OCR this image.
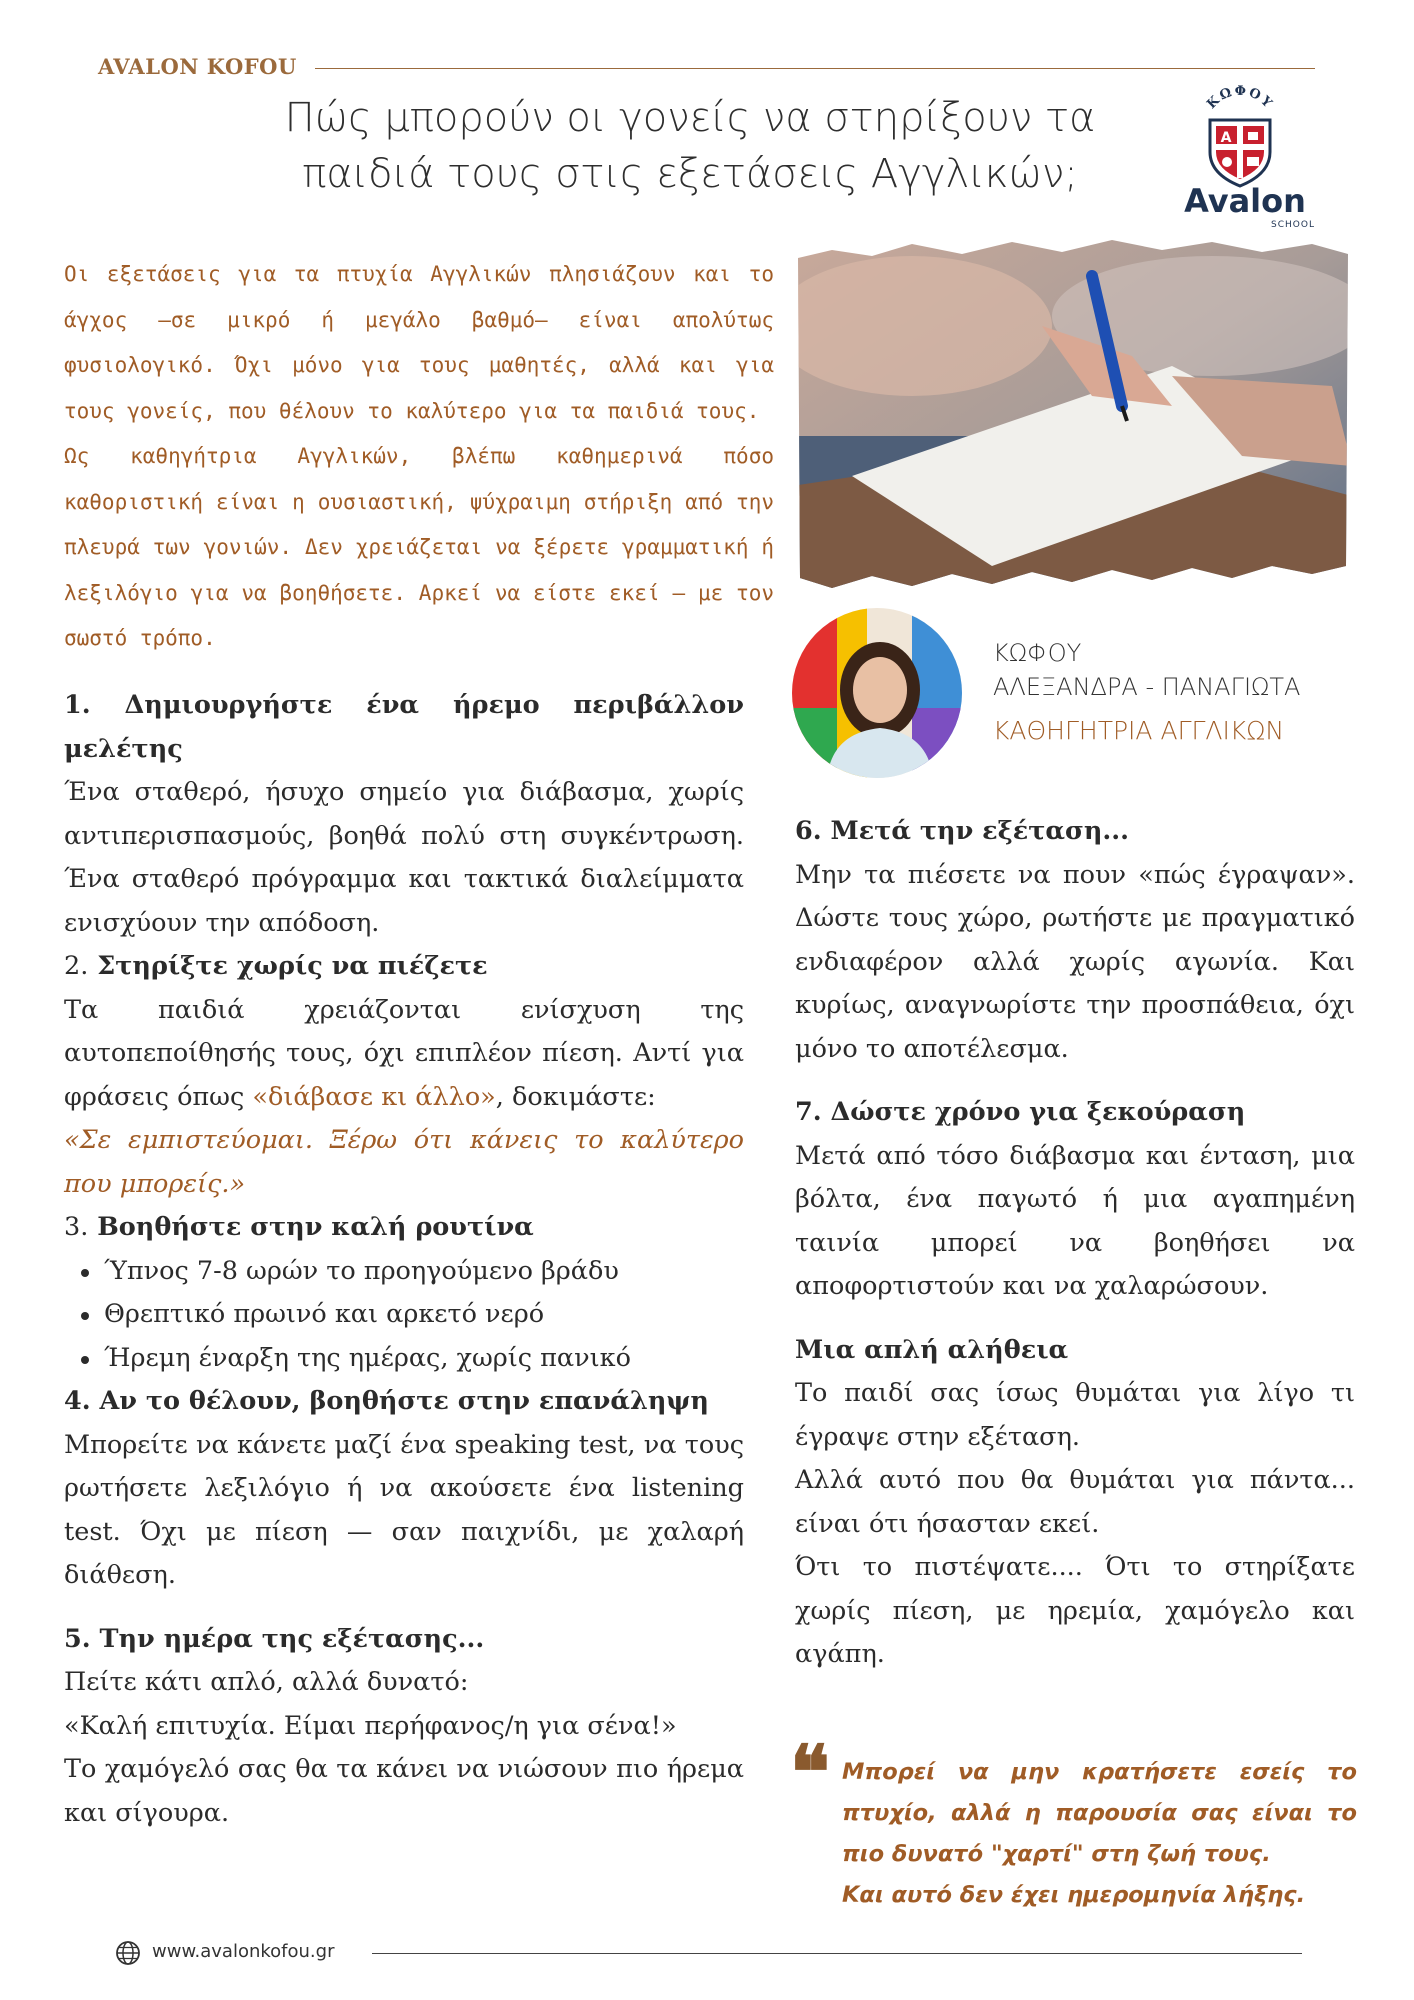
AVALON KOFOU
Πώς μπορούν οι γονείς να στηρίξουν τα
παιδιά τους στις εξετάσεις Αγγλικών;
ΚΩΦΟΥ
A
Avalon
SCHOOL

Οι εξετάσεις για τα πτυχία Αγγλικών πλησιάζουν και το άγχος —σε μικρό ή μεγάλο βαθμό— είναι απολύτως φυσιολογικό. Όχι μόνο για τους μαθητές, αλλά και για τους γονείς, που θέλουν το καλύτερο για τα παιδιά τους.

Ως καθηγήτρια Αγγλικών, βλέπω καθημερινά πόσο καθοριστική είναι η ουσιαστική, ψύχραιμη στήριξη από την πλευρά των γονιών. Δεν χρειάζεται να ξέρετε γραμματική ή λεξιλόγιο για να βοηθήσετε. Αρκεί να είστε εκεί — με τον σωστό τρόπο.

ΚΩΦΟΥ
ΑΛΕΞΑΝΔΡΑ - ΠΑΝΑΓΙΩΤΑ
ΚΑΘΗΓΗΤΡΙΑ ΑΓΓΛΙΚΩΝ
1. Δημιουργήστε ένα ήρεμο περιβάλλον μελέτης

Ένα σταθερό, ήσυχο σημείο για διάβασμα, χωρίς αντιπερισπασμούς, βοηθά πολύ στη συγκέντρωση. Ένα σταθερό πρόγραμμα και τακτικά διαλείμματα ενισχύουν την απόδοση.

2. Στηρίξτε χωρίς να πιέζετε

Τα παιδιά χρειάζονται ενίσχυση της αυτοπεποίθησής τους, όχι επιπλέον πίεση. Αντί για φράσεις όπως «διάβασε κι άλλο», δοκιμάστε:

«Σε εμπιστεύομαι. Ξέρω ότι κάνεις το καλύτερο που μπορείς.»

3. Βοηθήστε στην καλή ρουτίνα
Ύπνος 7-8 ωρών το προηγούμενο βράδυ
Θρεπτικό πρωινό και αρκετό νερό
Ήρεμη έναρξη της ημέρας, χωρίς πανικό
4. Αν το θέλουν, βοηθήστε στην επανάληψη

Μπορείτε να κάνετε μαζί ένα speaking test, να τους ρωτήσετε λεξιλόγιο ή να ακούσετε ένα listening test. Όχι με πίεση — σαν παιχνίδι, με χαλαρή διάθεση.

5. Την ημέρα της εξέτασης...

Πείτε κάτι απλό, αλλά δυνατό:

«Καλή επιτυχία. Είμαι περήφανος/η για σένα!»

Το χαμόγελό σας θα τα κάνει να νιώσουν πιο ήρεμα και σίγουρα.

6. Μετά την εξέταση...

Μην τα πιέσετε να πουν «πώς έγραψαν». Δώστε τους χώρο, ρωτήστε με πραγματικό ενδιαφέρον αλλά χωρίς αγωνία. Και κυρίως, αναγνωρίστε την προσπάθεια, όχι μόνο το αποτέλεσμα.

7. Δώστε χρόνο για ξεκούραση

Μετά από τόσο διάβασμα και ένταση, μια βόλτα, ένα παγωτό ή μια αγαπημένη ταινία μπορεί να βοηθήσει να αποφορτιστούν και να χαλαρώσουν.

Μια απλή αλήθεια

Το παιδί σας ίσως θυμάται για λίγο τι έγραψε στην εξέταση.

Αλλά αυτό που θα θυμάται για πάντα... είναι ότι ήσασταν εκεί.

Ότι το πιστέψατε.... Ότι το στηρίξατε χωρίς πίεση, με ηρεμία, χαμόγελο και αγάπη.

❝ Μπορεί να μην κρατήσετε εσείς το πτυχίο, αλλά η παρουσία σας είναι το πιο δυνατό "χαρτί" στη ζωή τους.

Και αυτό δεν έχει ημερομηνία λήξης.

www.avalonkofou.gr
